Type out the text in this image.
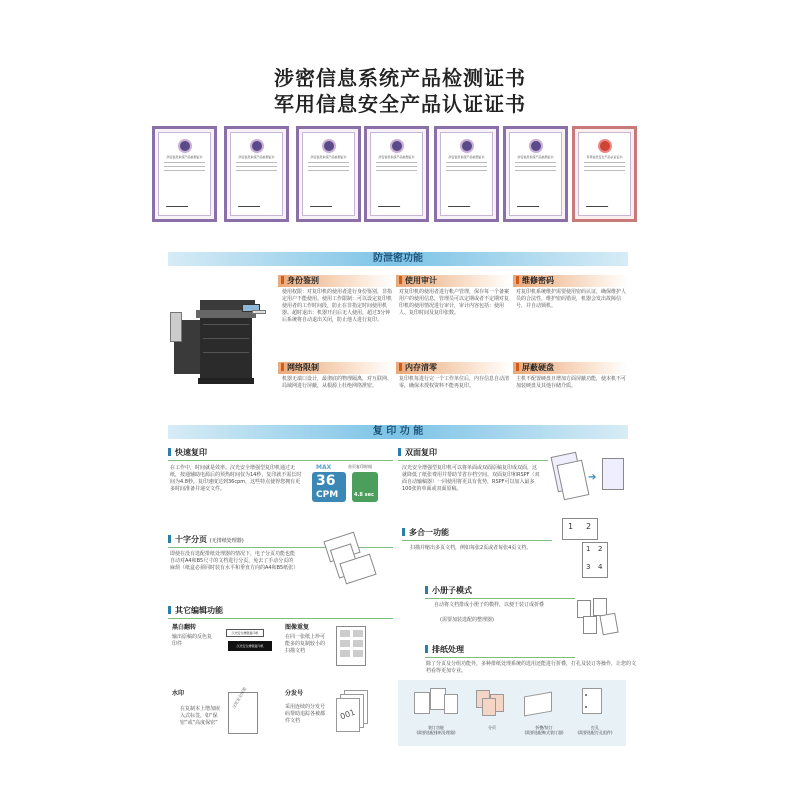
涉密信息系统产品检测证书
军用信息安全产品认证证书
涉密信息系统产品检测证书	涉密信息系统产品检测证书	涉密信息系统产品检测证书	涉密信息系统产品检测证书	涉密信息系统产品检测证书	涉密信息系统产品检测证书	军用信息安全产品认证证书
防泄密功能
身份鉴别
使用权限：对复印机的使用者进行身份鉴别，非指定用户不能使用。使用工作限制：可以设定复印机使用者的工作时间段，防止在非指定时间使用机器。超时退出：机器开启后无人使用，超过3分钟后系统将自动退出关闭，防止他人进行复印。
使用审计
对复印机的使用者进行帐户管理，保存每一个备案用户的使用信息，管理员可以定期或者不定期对复印机的使用情况进行审计，审计内容包括：使用人、复印时间及复印张数。
维修密码
对复印机系统维护需要使用密码认证，确保维护人员的合法性，维护密码错误，机器会发出故障信号，并自动锁机。
网络限制
机器无端口设计，最彻底的物理隔离，对互联网、局域网进行屏蔽，从根源上杜绝网络泄密。
内存清零
复印机每进行完一个工作单位后，内存信息自动清零，确保未授权资料不能再复印。
屏蔽硬盘
主机不配置硬盘且增加方面屏蔽功能，使本机不可加装硬盘及其他存储介质。
复 印 功 能
快速复印
在工作中，时间就是效率。汉光安全增强型复印机通过无纸，按通辅助电源后的预热时间仅为14秒，复印就不需长时间为4.8秒。复印速度达到36cpm，这些特点使得您拥有更多时间准备并递交文件。
MAX
36
CPM
首页复印时间
4.8 sec
十字分页 (无排纸处理器)
即使在没有选配排纸处理器的情况下，电子分页功能也能自动对A4和B5尺寸的文档进行分页，免去了手动分页的麻烦（纸盒必须同时装有水平和垂直方向的A4和B5纸张）
其它编辑功能
黑白翻转
输出原稿的反色复印件
汉光安全增强复印机
汉光安全增强复印机
图像重复
在同一张纸上珍可能多的复制较小的扫描文档
水印
在复制本上增加嵌入式标签，如“保密”或“高度保密”
汉光安全保密	分发号
采用连续的分发号码帮助追踪各被都件文档	001
双面复印
汉光安全增强型复印机可以将单面或双面原稿复印成双面，这就降低了纸张费用并帮助节省存档空间。双面复印和RSPF（双面自动输稿器）一同使用将更具有优势，RSPF可以加入最多100张的单面或双面原稿。
➔
多合一功能
扫描并缩出多页文档，例如每张2页或者每张4页文档。
1 2
1 2
3 4
小册子模式
自动将文档排成小册子的模样，以便于装订成折叠
(需要加装选配的整理器)
排纸处理
除了分页及分组功能外，多种排纸处理系统的选用还能进行折叠，打孔及装订等操作，让您的文档看得更加专业。
装订功能
(需要选配排纸处理器)
分页	折叠/装订
(需要选配鞍式装订器)
打孔
(需要选配打孔组件)
